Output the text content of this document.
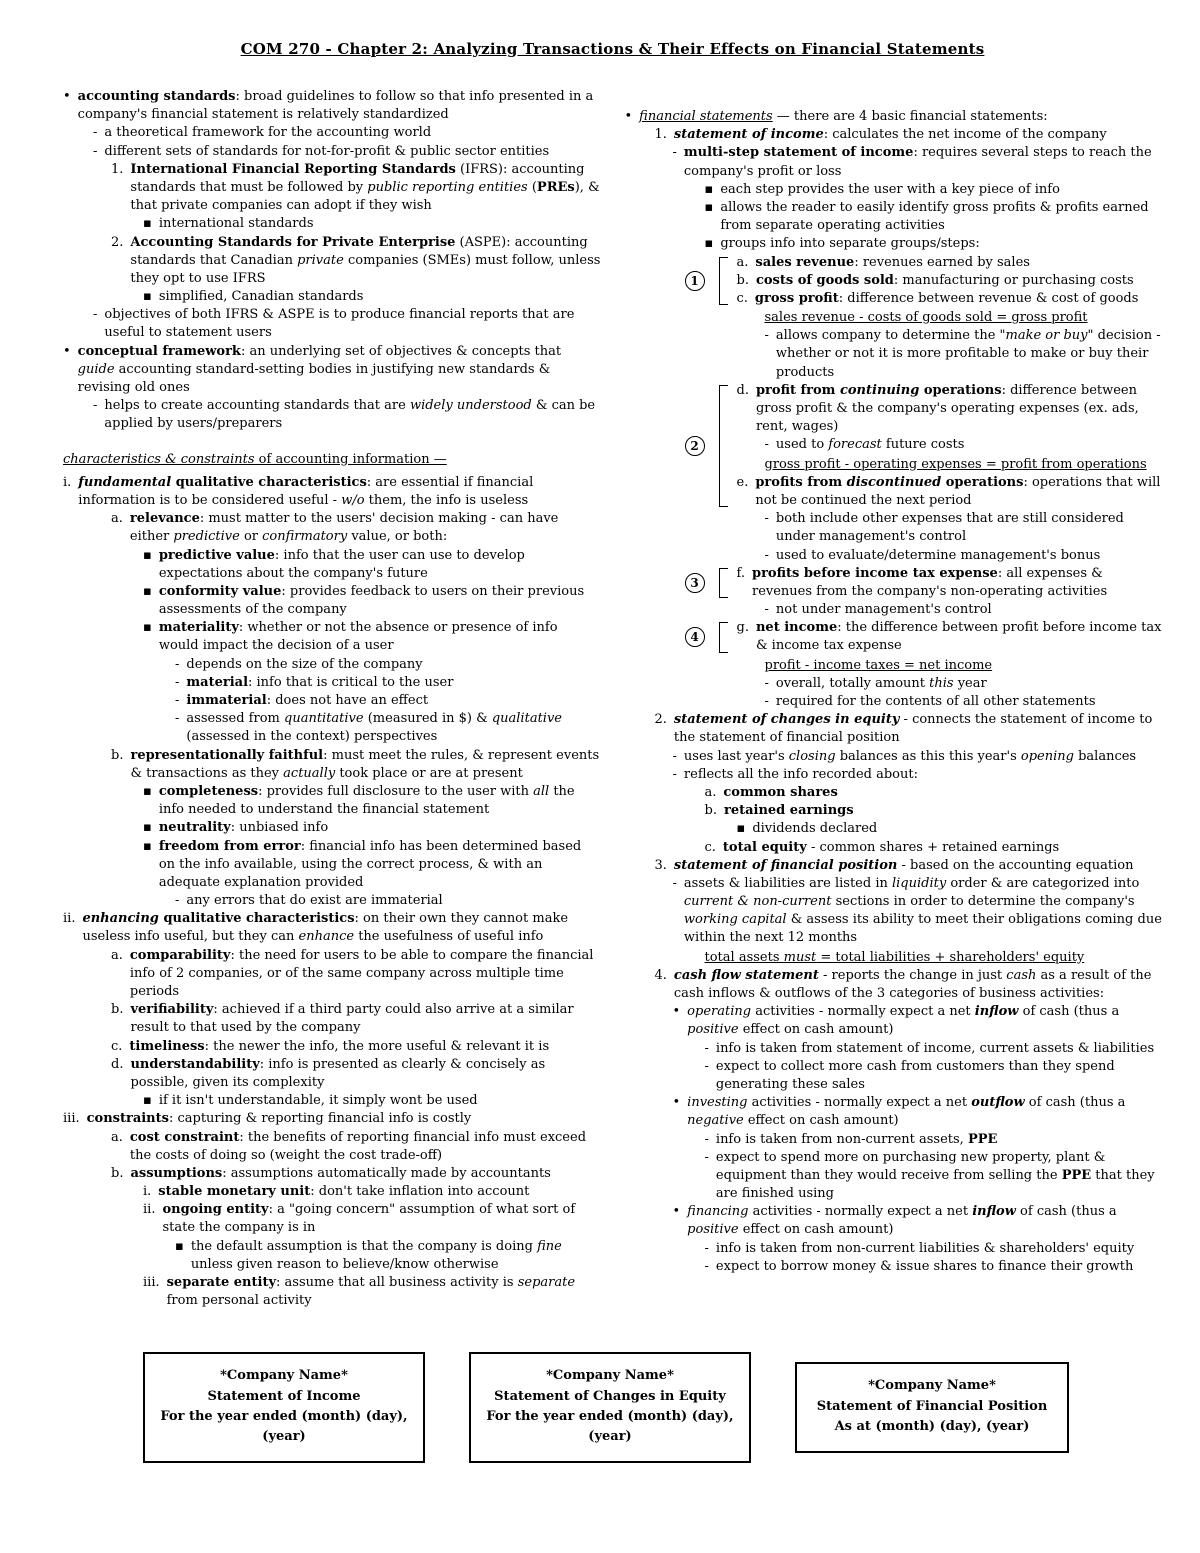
COM 270 - Chapter 2: Analyzing Transactions & Their Effects on Financial Statements
• accounting standards: broad guidelines to follow so that info presented in a company's financial statement is relatively standardized
- a theoretical framework for the accounting world
- different sets of standards for not-for-profit & public sector entities
1. International Financial Reporting Standards (IFRS): accounting standards that must be followed by public reporting entities (PREs), & that private companies can adopt if they wish
▪ international standards
2. Accounting Standards for Private Enterprise (ASPE): accounting standards that Canadian private companies (SMEs) must follow, unless they opt to use IFRS
▪ simplified, Canadian standards
- objectives of both IFRS & ASPE is to produce financial reports that are useful to statement users
• conceptual framework: an underlying set of objectives & concepts that guide accounting standard-setting bodies in justifying new standards & revising old ones
- helps to create accounting standards that are widely understood & can be applied by users/preparers
characteristics & constraints of accounting information —
i. fundamental qualitative characteristics: are essential if financial information is to be considered useful - w/o them, the info is useless
a. relevance: must matter to the users' decision making - can have either predictive or confirmatory value, or both:
▪ predictive value: info that the user can use to develop expectations about the company's future
▪ conformity value: provides feedback to users on their previous assessments of the company
▪ materiality: whether or not the absence or presence of info would impact the decision of a user
- depends on the size of the company
- material: info that is critical to the user
- immaterial: does not have an effect
- assessed from quantitative (measured in $) & qualitative (assessed in the context) perspectives
b. representationally faithful: must meet the rules, & represent events & transactions as they actually took place or are at present
▪ completeness: provides full disclosure to the user with all the info needed to understand the financial statement
▪ neutrality: unbiased info
▪ freedom from error: financial info has been determined based on the info available, using the correct process, & with an adequate explanation provided
- any errors that do exist are immaterial
ii. enhancing qualitative characteristics: on their own they cannot make useless info useful, but they can enhance the usefulness of useful info
a. comparability: the need for users to be able to compare the financial info of 2 companies, or of the same company across multiple time periods
b. verifiability: achieved if a third party could also arrive at a similar result to that used by the company
c. timeliness: the newer the info, the more useful & relevant it is
d. understandability: info is presented as clearly & concisely as possible, given its complexity
▪ if it isn't understandable, it simply wont be used
iii. constraints: capturing & reporting financial info is costly
a. cost constraint: the benefits of reporting financial info must exceed the costs of doing so (weight the cost trade-off)
b. assumptions: assumptions automatically made by accountants
i. stable monetary unit: don't take inflation into account
ii. ongoing entity: a "going concern" assumption of what sort of state the company is in
▪ the default assumption is that the company is doing fine unless given reason to believe/know otherwise
iii. separate entity: assume that all business activity is separate from personal activity
• financial statements — there are 4 basic financial statements:
1. statement of income: calculates the net income of the company
- multi-step statement of income: requires several steps to reach the company's profit or loss
▪ each step provides the user with a key piece of info
▪ allows the reader to easily identify gross profits & profits earned from separate operating activities
▪ groups info into separate groups/steps:
1
a. sales revenue: revenues earned by sales
b. costs of goods sold: manufacturing or purchasing costs
c. gross profit: difference between revenue & cost of goods
sales revenue - costs of goods sold = gross profit
- allows company to determine the "make or buy" decision - whether or not it is more profitable to make or buy their products
2
d. profit from continuing operations: difference between gross profit & the company's operating expenses (ex. ads, rent, wages)
- used to forecast future costs
gross profit - operating expenses = profit from operations
e. profits from discontinued operations: operations that will not be continued the next period
- both include other expenses that are still considered under management's control
- used to evaluate/determine management's bonus
3
f. profits before income tax expense: all expenses & revenues from the company's non-operating activities
- not under management's control
4
g. net income: the difference between profit before income tax & income tax expense
profit - income taxes = net income
- overall, totally amount this year
- required for the contents of all other statements
2. statement of changes in equity - connects the statement of income to the statement of financial position
- uses last year's closing balances as this this year's opening balances
- reflects all the info recorded about:
a. common shares
b. retained earnings
▪ dividends declared
c. total equity - common shares + retained earnings
3. statement of financial position - based on the accounting equation
- assets & liabilities are listed in liquidity order & are categorized into current & non-current sections in order to determine the company's working capital & assess its ability to meet their obligations coming due within the next 12 months
total assets must = total liabilities + shareholders' equity
4. cash flow statement - reports the change in just cash as a result of the cash inflows & outflows of the 3 categories of business activities:
• operating activities - normally expect a net inflow of cash (thus a positive effect on cash amount)
- info is taken from statement of income, current assets & liabilities
- expect to collect more cash from customers than they spend generating these sales
• investing activities - normally expect a net outflow of cash (thus a negative effect on cash amount)
- info is taken from non-current assets, PPE
- expect to spend more on purchasing new property, plant & equipment than they would receive from selling the PPE that they are finished using
• financing activities - normally expect a net inflow of cash (thus a positive effect on cash amount)
- info is taken from non-current liabilities & shareholders' equity
- expect to borrow money & issue shares to finance their growth
*Company Name*
Statement of Income
For the year ended (month) (day), (year)
*Company Name*
Statement of Changes in Equity
For the year ended (month) (day), (year)
*Company Name*
Statement of Financial Position
As at (month) (day), (year)
